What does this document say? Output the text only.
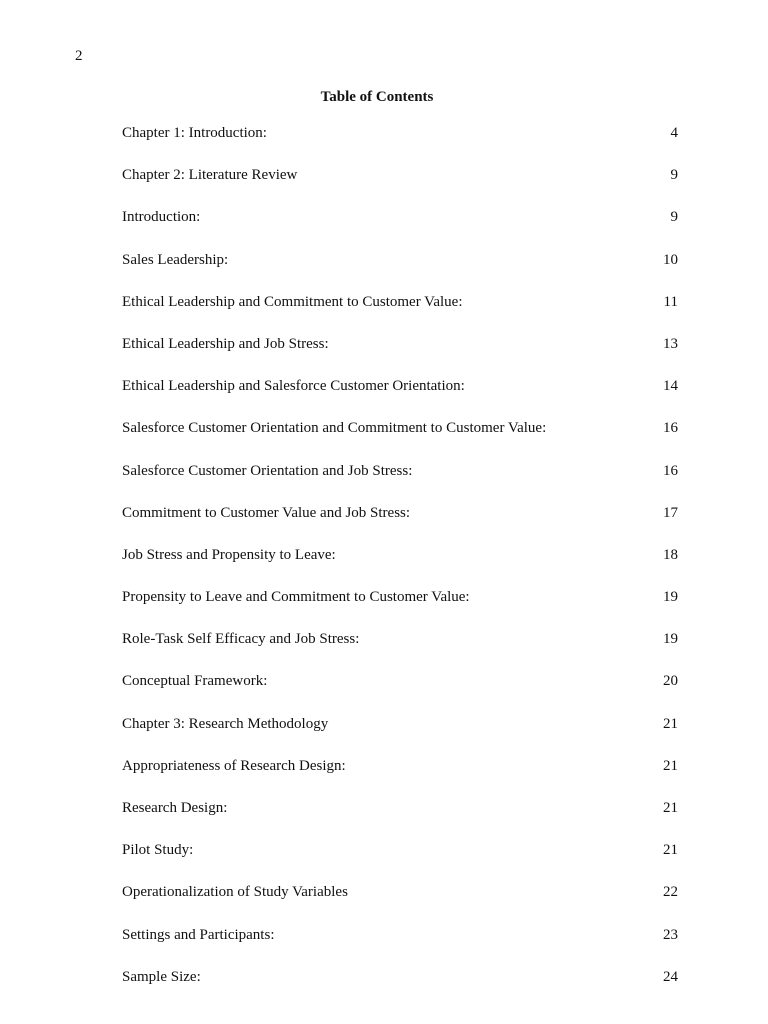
2
Table of Contents
Chapter 1: Introduction:	4
Chapter 2: Literature Review	9
Introduction:	9
Sales Leadership:	10
Ethical Leadership and Commitment to Customer Value:	11
Ethical Leadership and Job Stress:	13
Ethical Leadership and Salesforce Customer Orientation:	14
Salesforce Customer Orientation and Commitment to Customer Value:	16
Salesforce Customer Orientation and Job Stress:	16
Commitment to Customer Value and Job Stress:	17
Job Stress and Propensity to Leave:	18
Propensity to Leave and Commitment to Customer Value:	19
Role-Task Self Efficacy and Job Stress:	19
Conceptual Framework:	20
Chapter 3: Research Methodology	21
Appropriateness of Research Design:	21
Research Design:	21
Pilot Study:	21
Operationalization of Study Variables	22
Settings and Participants:	23
Sample Size:	24
